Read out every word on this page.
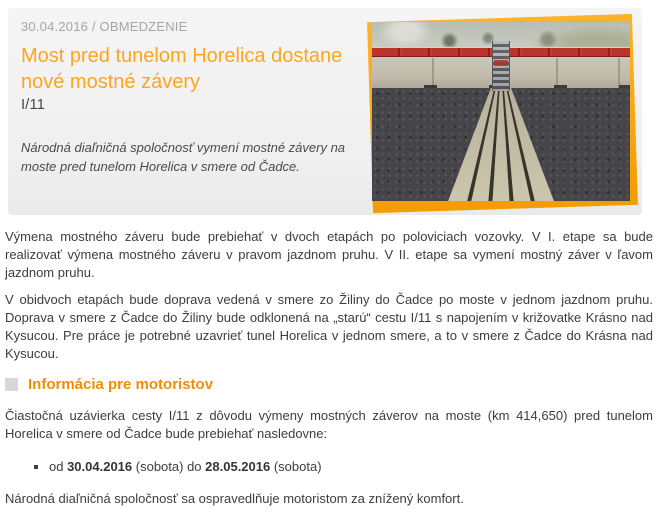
30.04.2016 / OBMEDZENIE
Most pred tunelom Horelica dostane nové mostné závery
I/11

Národná diaľničná spoločnosť vymení mostné závery na moste pred tunelom Horelica v smere od Čadce.

Výmena mostného záveru bude prebiehať v dvoch etapách po poloviciach vozovky. V I. etape sa bude realizovať výmena mostného záveru v pravom jazdnom pruhu. V II. etape sa vymení mostný záver v ľavom jazdnom pruhu.

V obidvoch etapách bude doprava vedená v smere zo Žiliny do Čadce po moste v jednom jazdnom pruhu. Doprava v smere z Čadce do Žiliny bude odklonená na „starú“ cestu I/11 s napojením v križovatke Krásno nad Kysucou. Pre práce je potrebné uzavrieť tunel Horelica v jednom smere, a to v smere z Čadce do Krásna nad Kysucou.

Informácia pre motoristov

Čiastočná uzávierka cesty I/11 z dôvodu výmeny mostných záverov na moste (km 414,650) pred tunelom Horelica v smere od Čadce bude prebiehať nasledovne:

▪ od 30.04.2016 (sobota) do 28.05.2016 (sobota)

Národná diaľničná spoločnosť sa ospravedlňuje motoristom za znížený komfort.
